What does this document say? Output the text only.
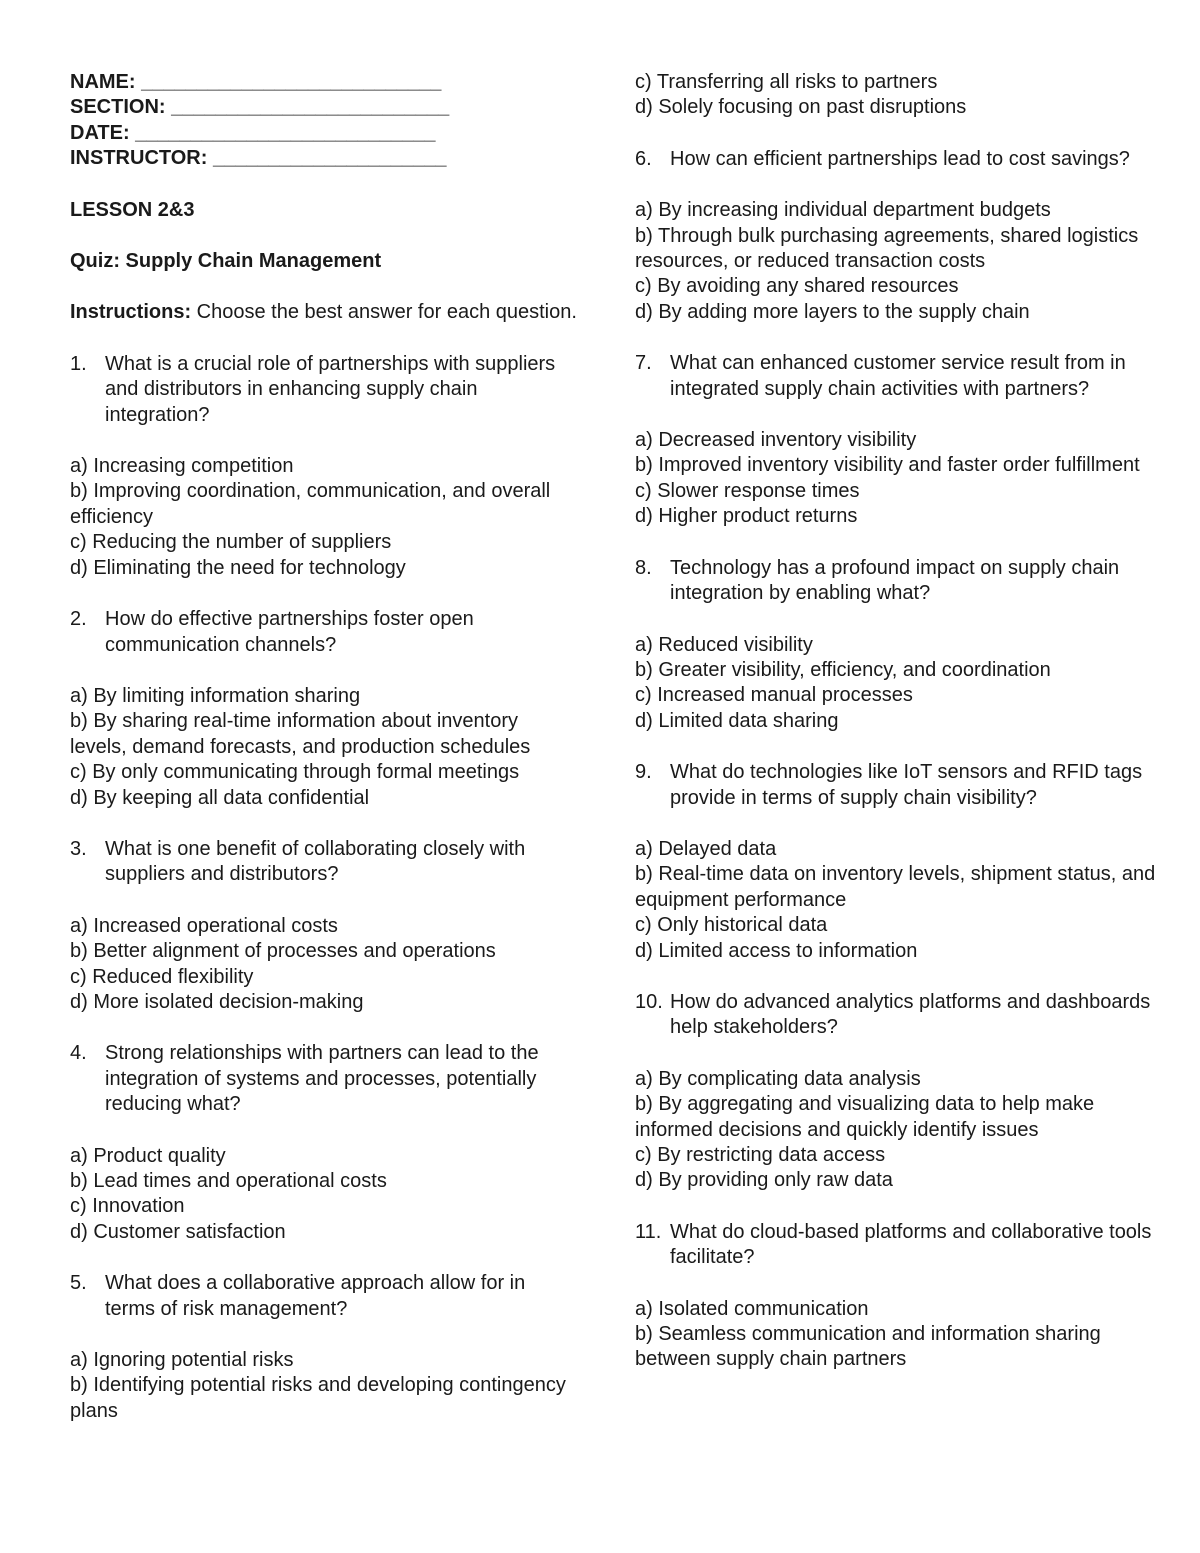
NAME: ___________________________
SECTION: _________________________
DATE: ___________________________
INSTRUCTOR: _____________________
LESSON 2&3
Quiz: Supply Chain Management
Instructions: Choose the best answer for each question.
1. What is a crucial role of partnerships with suppliers and distributors in enhancing supply chain integration?
a) Increasing competition
b) Improving coordination, communication, and overall efficiency
c) Reducing the number of suppliers
d) Eliminating the need for technology
2. How do effective partnerships foster open communication channels?
a) By limiting information sharing
b) By sharing real-time information about inventory levels, demand forecasts, and production schedules
c) By only communicating through formal meetings
d) By keeping all data confidential
3. What is one benefit of collaborating closely with suppliers and distributors?
a) Increased operational costs
b) Better alignment of processes and operations
c) Reduced flexibility
d) More isolated decision-making
4. Strong relationships with partners can lead to the integration of systems and processes, potentially reducing what?
a) Product quality
b) Lead times and operational costs
c) Innovation
d) Customer satisfaction
5. What does a collaborative approach allow for in terms of risk management?
a) Ignoring potential risks
b) Identifying potential risks and developing contingency plans
c) Transferring all risks to partners
d) Solely focusing on past disruptions
6. How can efficient partnerships lead to cost savings?
a) By increasing individual department budgets
b) Through bulk purchasing agreements, shared logistics resources, or reduced transaction costs
c) By avoiding any shared resources
d) By adding more layers to the supply chain
7. What can enhanced customer service result from in integrated supply chain activities with partners?
a) Decreased inventory visibility
b) Improved inventory visibility and faster order fulfillment
c) Slower response times
d) Higher product returns
8. Technology has a profound impact on supply chain integration by enabling what?
a) Reduced visibility
b) Greater visibility, efficiency, and coordination
c) Increased manual processes
d) Limited data sharing
9. What do technologies like IoT sensors and RFID tags provide in terms of supply chain visibility?
a) Delayed data
b) Real-time data on inventory levels, shipment status, and equipment performance
c) Only historical data
d) Limited access to information
10. How do advanced analytics platforms and dashboards help stakeholders?
a) By complicating data analysis
b) By aggregating and visualizing data to help make informed decisions and quickly identify issues
c) By restricting data access
d) By providing only raw data
11. What do cloud-based platforms and collaborative tools facilitate?
a) Isolated communication
b) Seamless communication and information sharing between supply chain partners
